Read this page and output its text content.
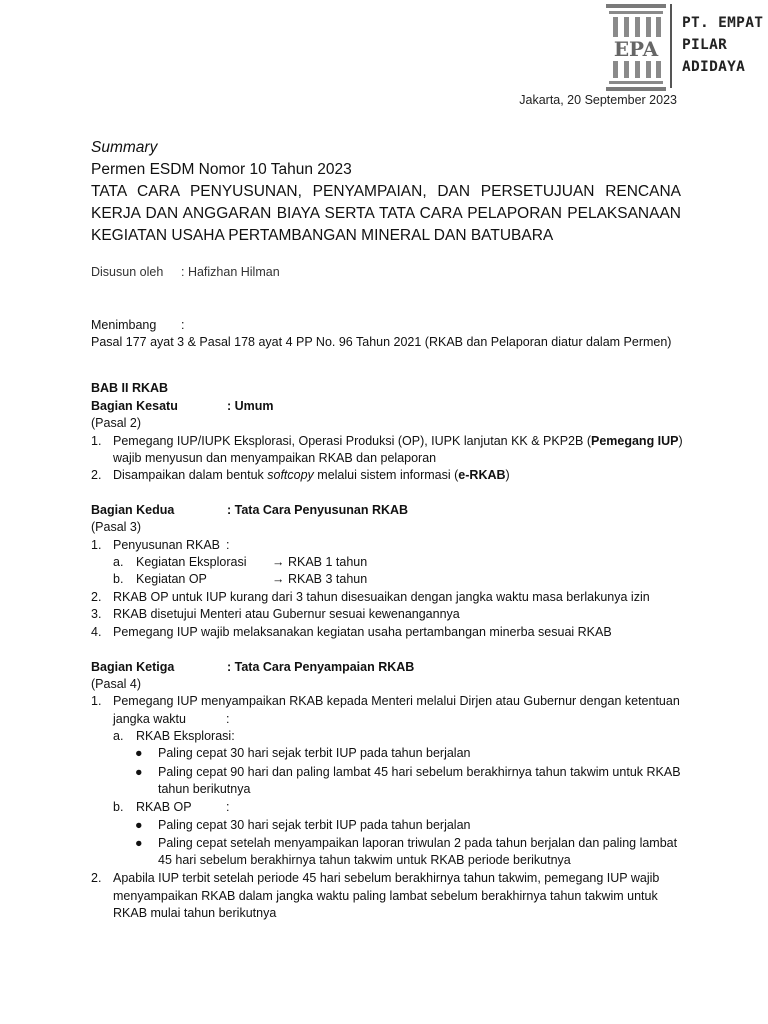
EPA
PT. EMPAT
PILAR
ADIDAYA
Jakarta, 20 September 2023
Summary
Permen ESDM Nomor 10 Tahun 2023
TATA CARA PENYUSUNAN, PENYAMPAIAN, DAN PERSETUJUAN RENCANA KERJA DAN ANGGARAN BIAYA SERTA TATA CARA PELAPORAN PELAKSANAAN KEGIATAN USAHA PERTAMBANGAN MINERAL DAN BATUBARA
Disusun oleh : Hafizhan Hilman
Menimbang :
Pasal 177 ayat 3 & Pasal 178 ayat 4 PP No. 96 Tahun 2021 (RKAB dan Pelaporan diatur dalam Permen)
BAB II RKAB
Bagian Kesatu	: Umum
(Pasal 2)
1. Pemegang IUP/IUPK Eksplorasi, Operasi Produksi (OP), IUPK lanjutan KK & PKP2B (Pemegang IUP)
wajib menyusun dan menyampaikan RKAB dan pelaporan
2. Disampaikan dalam bentuk softcopy melalui sistem informasi (e-RKAB)
Bagian Kedua	: Tata Cara Penyusunan RKAB
(Pasal 3)
1. Penyusunan RKAB :
a. Kegiatan Eksplorasi → RKAB 1 tahun
b. Kegiatan OP	→ RKAB 3 tahun
2. RKAB OP untuk IUP kurang dari 3 tahun disesuaikan dengan jangka waktu masa berlakunya izin
3. RKAB disetujui Menteri atau Gubernur sesuai kewenangannya
4. Pemegang IUP wajib melaksanakan kegiatan usaha pertambangan minerba sesuai RKAB
Bagian Ketiga	: Tata Cara Penyampaian RKAB
(Pasal 4)
1. Pemegang IUP menyampaikan RKAB kepada Menteri melalui Dirjen atau Gubernur dengan ketentuan
jangka waktu	:
a. RKAB Eksplorasi:
● Paling cepat 30 hari sejak terbit IUP pada tahun berjalan
● Paling cepat 90 hari dan paling lambat 45 hari sebelum berakhirnya tahun takwim untuk RKAB
tahun berikutnya
b. RKAB OP	:
● Paling cepat 30 hari sejak terbit IUP pada tahun berjalan
● Paling cepat setelah menyampaikan laporan triwulan 2 pada tahun berjalan dan paling lambat
45 hari sebelum berakhirnya tahun takwim untuk RKAB periode berikutnya
2. Apabila IUP terbit setelah periode 45 hari sebelum berakhirnya tahun takwim, pemegang IUP wajib
menyampaikan RKAB dalam jangka waktu paling lambat sebelum berakhirnya tahun takwim untuk
RKAB mulai tahun berikutnya
